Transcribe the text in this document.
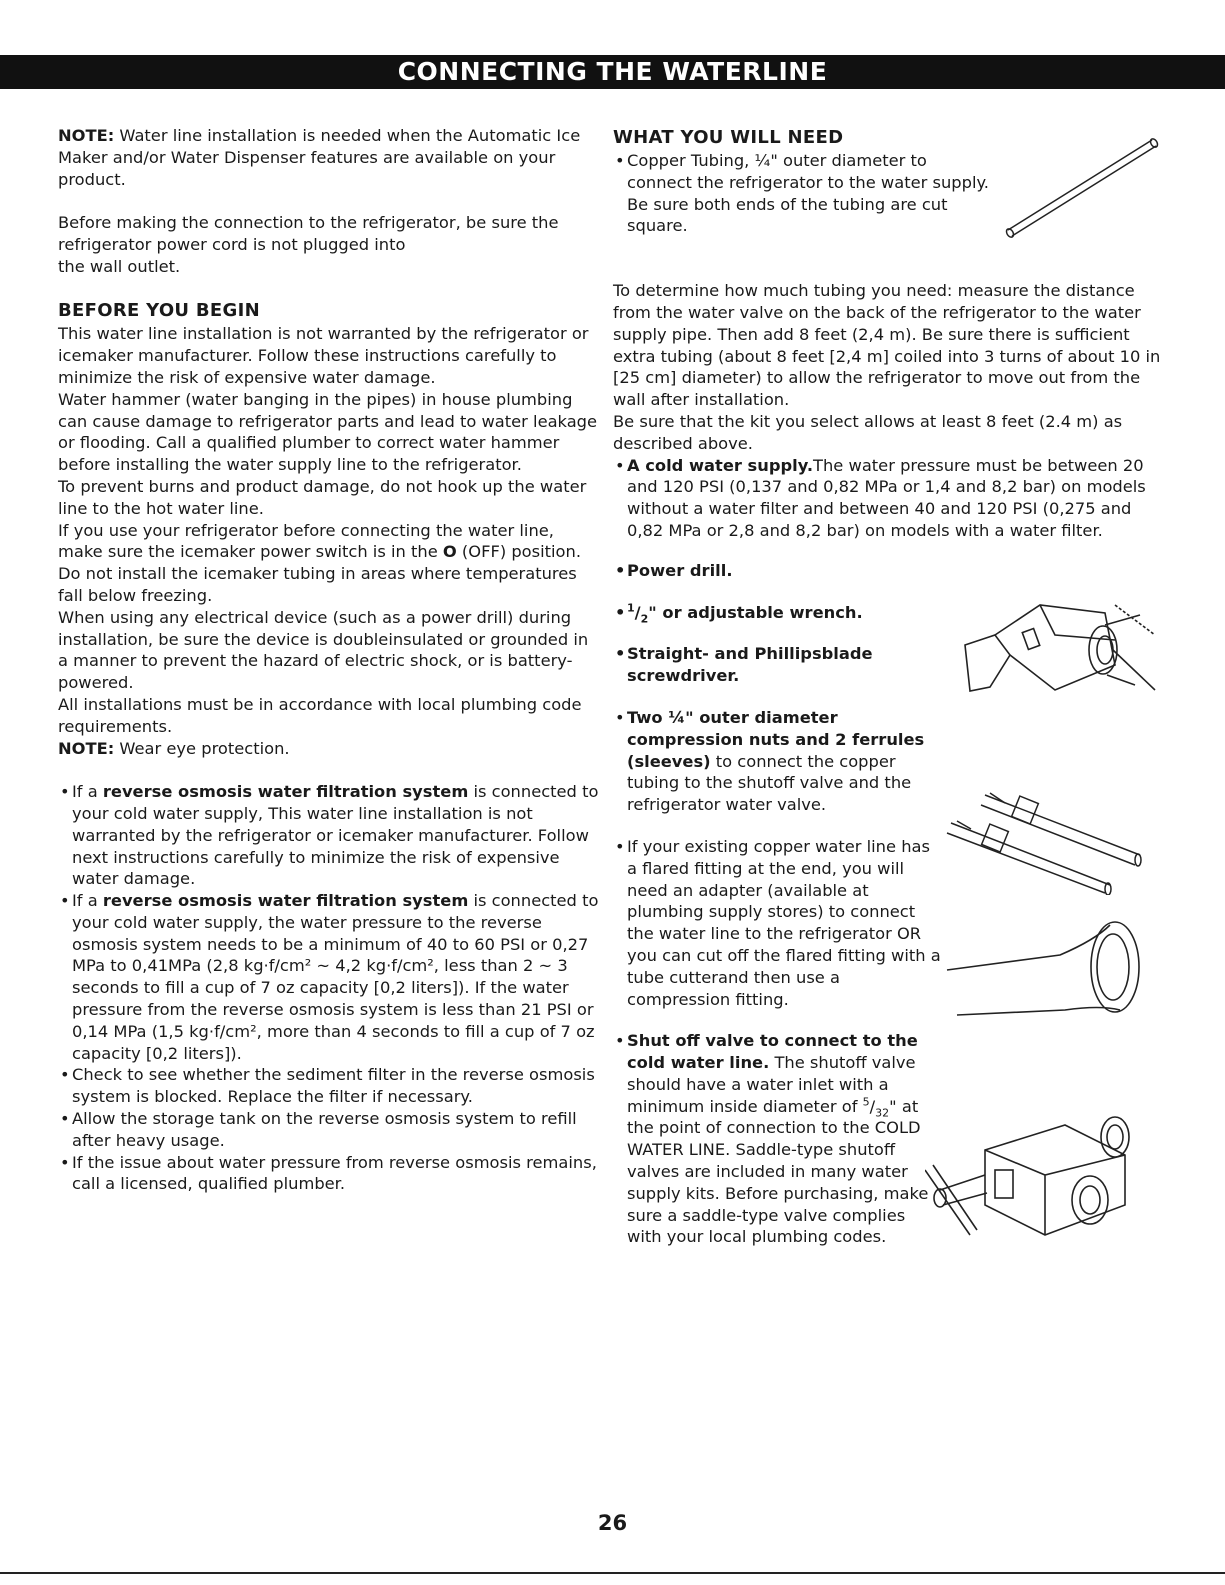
CONNECTING THE WATERLINE

NOTE: Water line installation is needed when the Automatic Ice Maker and/or Water Dispenser features are available on your product.

Before making the connection to the refrigerator, be sure the refrigerator power cord is not plugged into
the wall outlet.

BEFORE YOU BEGIN

This water line installation is not warranted by the refrigerator or icemaker manufacturer. Follow these instructions carefully to minimize the risk of expensive water damage.

Water hammer (water banging in the pipes) in house plumbing can cause damage to refrigerator parts and lead to water leakage or flooding. Call a qualified plumber to correct water hammer before installing the water supply line to the refrigerator.

To prevent burns and product damage, do not hook up the water line to the hot water line.

If you use your refrigerator before connecting the water line, make sure the icemaker power switch is in the O (OFF) position.

Do not install the icemaker tubing in areas where temperatures fall below freezing.

When using any electrical device (such as a power drill) during installation, be sure the device is doubleinsulated or grounded in a manner to prevent the hazard of electric shock, or is battery-powered.

All installations must be in accordance with local plumbing code requirements.

NOTE: Wear eye protection.

• If a reverse osmosis water filtration system is connected to your cold water supply, This water line installation is not warranted by the refrigerator or icemaker manufacturer. Follow next instructions carefully to minimize the risk of expensive water damage.

• If a reverse osmosis water filtration system is connected to your cold water supply, the water pressure to the reverse osmosis system needs to be a minimum of 40 to 60 PSI or 0,27 MPa to 0,41MPa (2,8 kg·f/cm² ~ 4,2 kg·f/cm², less than 2 ~ 3 seconds to fill a cup of 7 oz capacity [0,2 liters]). If the water pressure from the reverse osmosis system is less than 21 PSI or 0,14 MPa (1,5 kg·f/cm², more than 4 seconds to fill a cup of 7 oz capacity [0,2 liters]).

• Check to see whether the sediment filter in the reverse osmosis system is blocked. Replace the filter if necessary.

• Allow the storage tank on the reverse osmosis system to refill after heavy usage.

• If the issue about water pressure from reverse osmosis remains, call a licensed, qualified plumber.

WHAT YOU WILL NEED

• Copper Tubing, ¼" outer diameter to
connect the refrigerator to the water supply.
Be sure both ends of the tubing are cut
square.

To determine how much tubing you need: measure the distance from the water valve on the back of the refrigerator to the water supply pipe. Then add 8 feet (2,4 m). Be sure there is sufficient extra tubing (about 8 feet [2,4 m] coiled into 3 turns of about 10 in [25 cm] diameter) to allow the refrigerator to move out from the wall after installation.

Be sure that the kit you select allows at least 8 feet (2.4 m) as described above.

• A cold water supply.The water pressure must be between 20 and 120 PSI (0,137 and 0,82 MPa or 1,4 and 8,2 bar) on models without a water filter and between 40 and 120 PSI (0,275 and 0,82 MPa or 2,8 and 8,2 bar) on models with a water filter.

• Power drill.

• $^1/_2$" or adjustable wrench.

• Straight- and Phillipsblade screwdriver.

• Two ¼" outer diameter compression nuts and 2 ferrules (sleeves) to connect the copper tubing to the shutoff valve and the refrigerator water valve.

• If your existing copper water line has a flared fitting at the end, you will need an adapter (available at plumbing supply stores) to connect the water line to the refrigerator OR you can cut off the flared fitting with a tube cutterand then use a compression fitting.

• Shut off valve to connect to the cold water line. The shutoff valve should have a water inlet with a minimum inside diameter of $^5/_{32}$" at the point of connection to the COLD WATER LINE. Saddle-type shutoff valves are included in many water supply kits. Before purchasing, make sure a saddle-type valve complies with your local plumbing codes.

26
